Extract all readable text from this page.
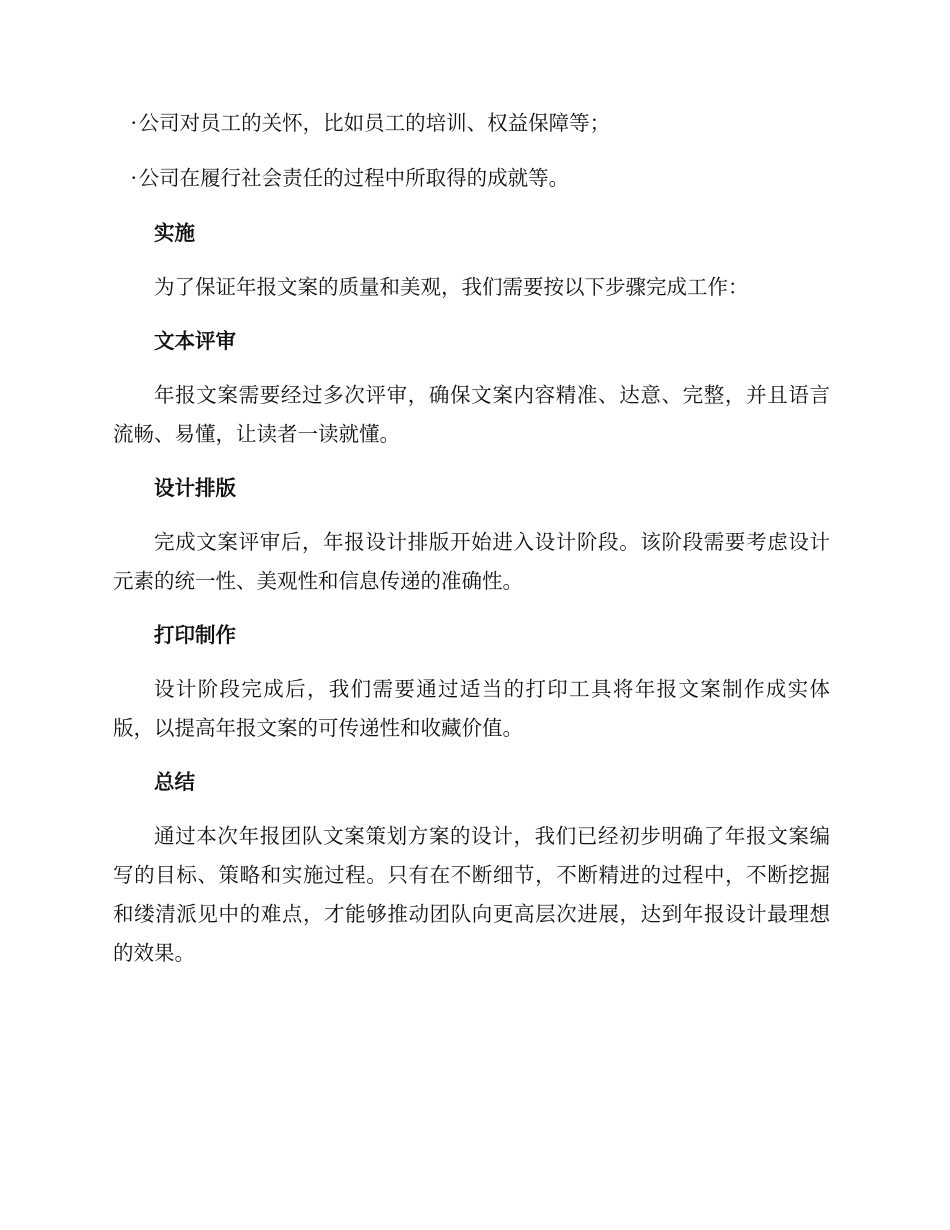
·公司对员工的关怀，比如员工的培训、权益保障等；

·公司在履行社会责任的过程中所取得的成就等。

实施

为了保证年报文案的质量和美观，我们需要按以下步骤完成工作：

文本评审

年报文案需要经过多次评审，确保文案内容精准、达意、完整，并且语言流畅、易懂，让读者一读就懂。

设计排版

完成文案评审后，年报设计排版开始进入设计阶段。该阶段需要考虑设计元素的统一性、美观性和信息传递的准确性。

打印制作

设计阶段完成后，我们需要通过适当的打印工具将年报文案制作成实体版，以提高年报文案的可传递性和收藏价值。

总结

通过本次年报团队文案策划方案的设计，我们已经初步明确了年报文案编写的目标、策略和实施过程。只有在不断细节，不断精进的过程中，不断挖掘和缕清派见中的难点，才能够推动团队向更高层次进展，达到年报设计最理想的效果。
